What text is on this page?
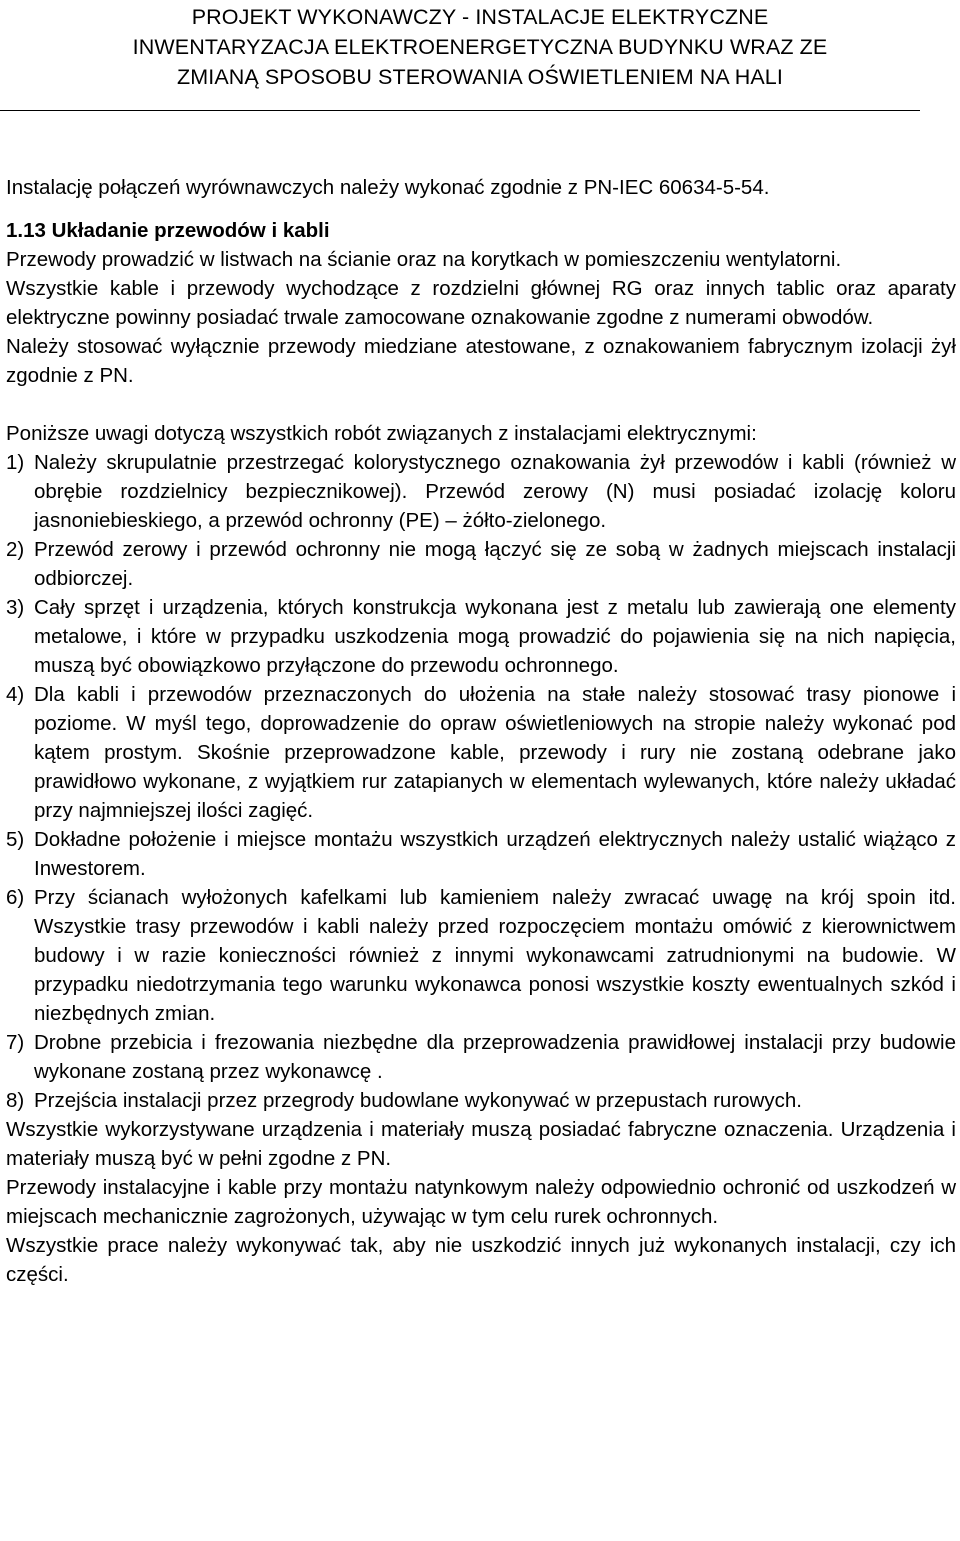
PROJEKT WYKONAWCZY - INSTALACJE ELEKTRYCZNE
INWENTARYZACJA ELEKTROENERGETYCZNA BUDYNKU WRAZ ZE
ZMIANĄ SPOSOBU STEROWANIA OŚWIETLENIEM NA HALI

Instalację połączeń wyrównawczych należy wykonać zgodnie z PN-IEC 60634-5-54.

1.13 Układanie przewodów i kabli

Przewody prowadzić w listwach na ścianie oraz na korytkach w pomieszczeniu wentylatorni.

Wszystkie kable i przewody wychodzące z rozdzielni głównej RG oraz innych tablic oraz aparaty elektryczne powinny posiadać trwale zamocowane oznakowanie zgodne z numerami obwodów.

Należy stosować wyłącznie przewody miedziane atestowane, z oznakowaniem fabrycznym izolacji żył zgodnie z PN.

Poniższe uwagi dotyczą wszystkich robót związanych z instalacjami elektrycznymi:

1) Należy skrupulatnie przestrzegać kolorystycznego oznakowania żył przewodów i kabli (również w obrębie rozdzielnicy bezpiecznikowej). Przewód zerowy (N) musi posiadać izolację koloru jasnoniebieskiego, a przewód ochronny (PE) – żółto-zielonego.
2) Przewód zerowy i przewód ochronny nie mogą łączyć się ze sobą w żadnych miejscach instalacji odbiorczej.
3) Cały sprzęt i urządzenia, których konstrukcja wykonana jest z metalu lub zawierają one elementy metalowe, i które w przypadku uszkodzenia mogą prowadzić do pojawienia się na nich napięcia, muszą być obowiązkowo przyłączone do przewodu ochronnego.
4) Dla kabli i przewodów przeznaczonych do ułożenia na stałe należy stosować trasy pionowe i poziome. W myśl tego, doprowadzenie do opraw oświetleniowych na stropie należy wykonać pod kątem prostym. Skośnie przeprowadzone kable, przewody i rury nie zostaną odebrane jako prawidłowo wykonane, z wyjątkiem rur zatapianych w elementach wylewanych, które należy układać przy najmniejszej ilości zagięć.
5) Dokładne położenie i miejsce montażu wszystkich urządzeń elektrycznych należy ustalić wiążąco z Inwestorem.
6) Przy ścianach wyłożonych kafelkami lub kamieniem należy zwracać uwagę na krój spoin itd. Wszystkie trasy przewodów i kabli należy przed rozpoczęciem montażu omówić z kierownictwem budowy i w razie konieczności również z innymi wykonawcami zatrudnionymi na budowie. W przypadku niedotrzymania tego warunku wykonawca ponosi wszystkie koszty ewentualnych szkód i niezbędnych zmian.
7) Drobne przebicia i frezowania niezbędne dla przeprowadzenia prawidłowej instalacji przy budowie wykonane zostaną przez wykonawcę .
8) Przejścia instalacji przez przegrody budowlane wykonywać w przepustach rurowych.

Wszystkie wykorzystywane urządzenia i materiały muszą posiadać fabryczne oznaczenia. Urządzenia i materiały muszą być w pełni zgodne z PN.

Przewody instalacyjne i kable przy montażu natynkowym należy odpowiednio ochronić od uszkodzeń w miejscach mechanicznie zagrożonych, używając w tym celu rurek ochronnych.

Wszystkie prace należy wykonywać tak, aby nie uszkodzić innych już wykonanych instalacji, czy ich części.
